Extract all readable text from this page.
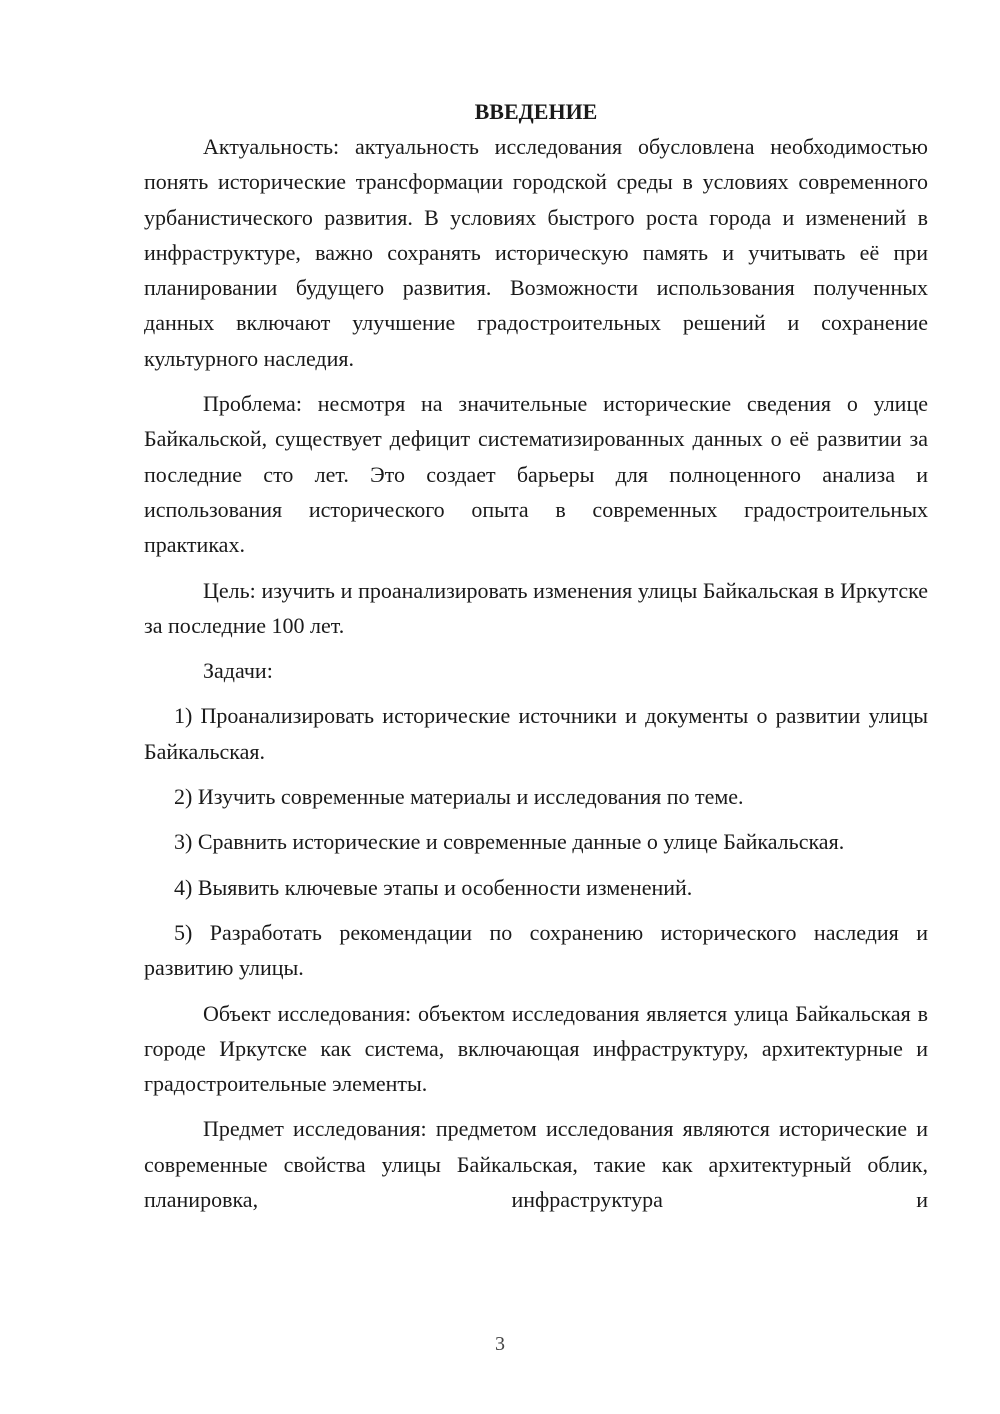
ВВЕДЕНИЕ

Актуальность: актуальность исследования обусловлена необходимостью понять исторические трансформации городской среды в условиях современного урбанистического развития. В условиях быстрого роста города и изменений в инфраструктуре, важно сохранять историческую память и учитывать её при планировании будущего развития. Возможности использования полученных данных включают улучшение градостроительных решений и сохранение культурного наследия.

Проблема: несмотря на значительные исторические сведения о улице Байкальской, существует дефицит систематизированных данных о её развитии за последние сто лет. Это создает барьеры для полноценного анализа и использования исторического опыта в современных градостроительных практиках.

Цель: изучить и проанализировать изменения улицы Байкальская в Иркутске за последние 100 лет.

Задачи:

1) Проанализировать исторические источники и документы о развитии улицы Байкальская.

2) Изучить современные материалы и исследования по теме.

3) Сравнить исторические и современные данные о улице Байкальская.

4) Выявить ключевые этапы и особенности изменений.

5) Разработать рекомендации по сохранению исторического наследия и развитию улицы.

Объект исследования: объектом исследования является улица Байкальская в городе Иркутске как система, включающая инфраструктуру, архитектурные и градостроительные элементы.

Предмет исследования: предметом исследования являются исторические и современные свойства улицы Байкальская, такие как архитектурный облик, планировка, инфраструктура и

3
